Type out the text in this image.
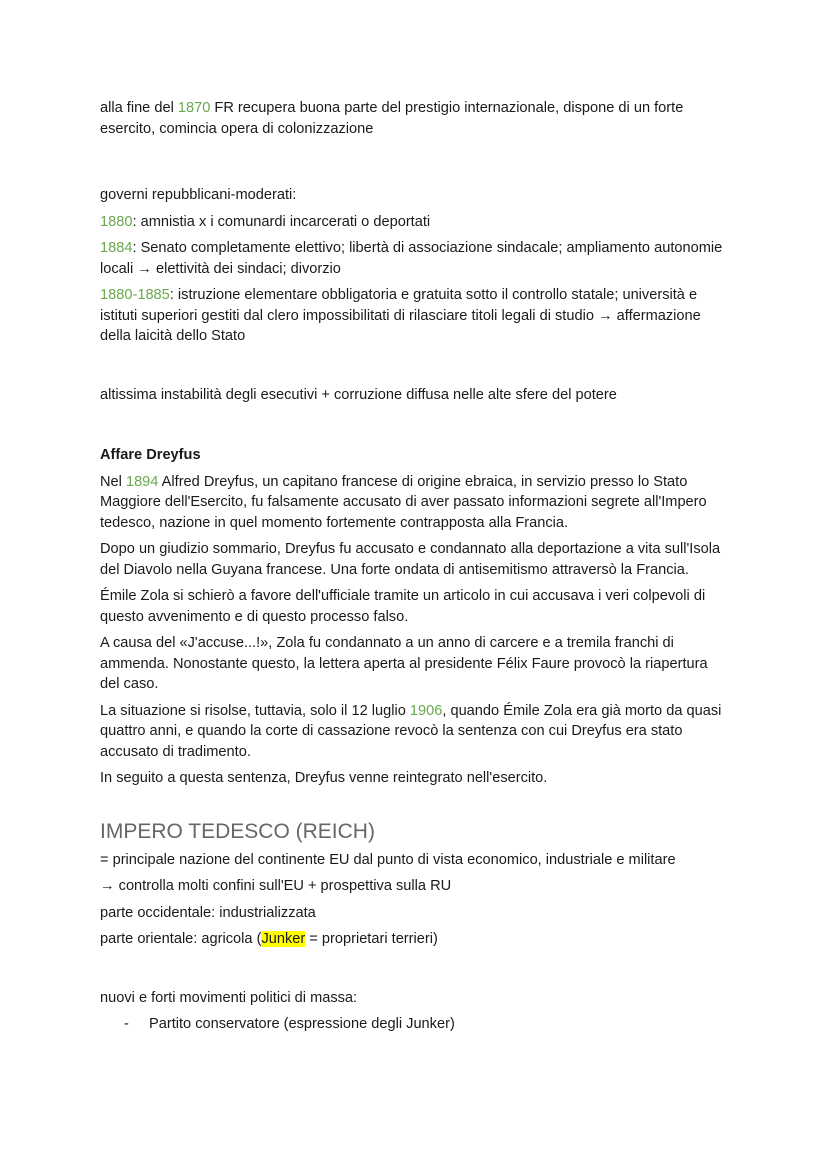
alla fine del 1870 FR recupera buona parte del prestigio internazionale, dispone di un forte esercito, comincia opera di colonizzazione

governi repubblicani-moderati:

1880: amnistia x i comunardi incarcerati o deportati

1884: Senato completamente elettivo; libertà di associazione sindacale; ampliamento autonomie locali → elettività dei sindaci; divorzio

1880-1885: istruzione elementare obbligatoria e gratuita sotto il controllo statale; università e istituti superiori gestiti dal clero impossibilitati di rilasciare titoli legali di studio → affermazione della laicità dello Stato

altissima instabilità degli esecutivi + corruzione diffusa nelle alte sfere del potere

Affare Dreyfus

Nel 1894 Alfred Dreyfus, un capitano francese di origine ebraica, in servizio presso lo Stato Maggiore dell'Esercito, fu falsamente accusato di aver passato informazioni segrete all'Impero tedesco, nazione in quel momento fortemente contrapposta alla Francia.

Dopo un giudizio sommario, Dreyfus fu accusato e condannato alla deportazione a vita sull'Isola del Diavolo nella Guyana francese. Una forte ondata di antisemitismo attraversò la Francia.

Émile Zola si schierò a favore dell'ufficiale tramite un articolo in cui accusava i veri colpevoli di questo avvenimento e di questo processo falso.

A causa del «J'accuse...!», Zola fu condannato a un anno di carcere e a tremila franchi di ammenda. Nonostante questo, la lettera aperta al presidente Félix Faure provocò la riapertura del caso.

La situazione si risolse, tuttavia, solo il 12 luglio 1906, quando Émile Zola era già morto da quasi quattro anni, e quando la corte di cassazione revocò la sentenza con cui Dreyfus era stato accusato di tradimento.

In seguito a questa sentenza, Dreyfus venne reintegrato nell'esercito.

IMPERO TEDESCO (REICH)

= principale nazione del continente EU dal punto di vista economico, industriale e militare

→ controlla molti confini sull'EU + prospettiva sulla RU

parte occidentale: industrializzata

parte orientale: agricola (Junker = proprietari terrieri)

nuovi e forti movimenti politici di massa:

-	Partito conservatore (espressione degli Junker)
